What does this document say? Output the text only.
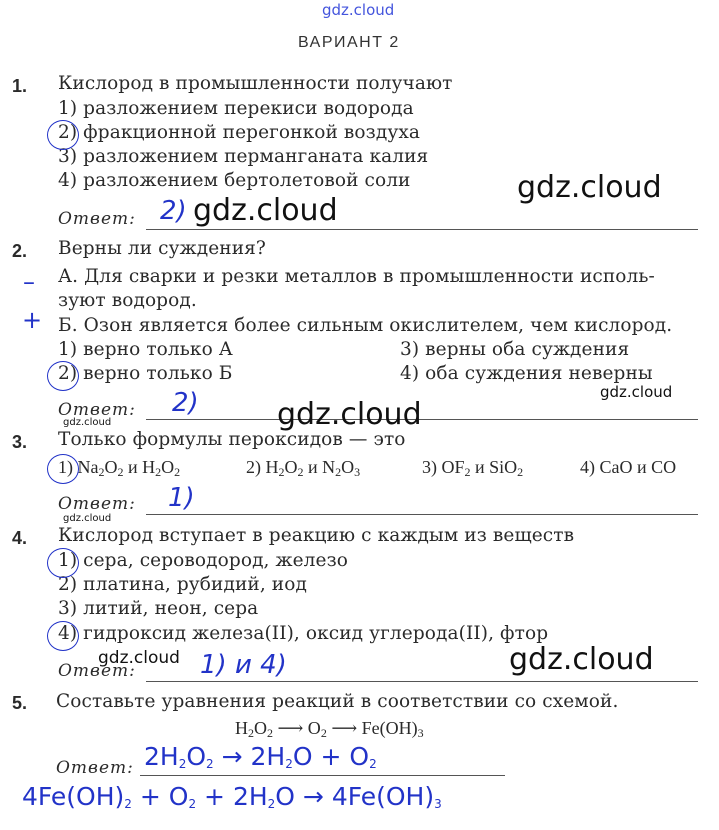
gdz.cloud
ВАРИАНТ 2
1. Кислород в промышленности получают
1) разложением перекиси водорода
2) фракционной перегонкой воздуха
3) разложением перманганата калия
4) разложением бертолетовой соли
Ответ: 2) gdz.cloud
gdz.cloud
2. Верны ли суждения?
– А. Для сварки и резки металлов в промышленности исполь-
зуют водород.
+ Б. Озон является более сильным окислителем, чем кислород.
1) верно только А	3) верны оба суждения
2) верно только Б	4) оба суждения неверны
gdz.cloud
Ответ: 2)	gdz.cloud
gdz.cloud
3. Только формулы пероксидов — это
1) $Na_2O_2$ и $H_2O_2$	2) $H_2O_2$ и $N_2O_3$	3) $OF_2$ и SiO$_2$	4) CaO и CO
Ответ: 1)
gdz.cloud
4. Кислород вступает в реакцию с каждым из веществ
1) сера, сероводород, железо
2) платина, рубидий, иод
3) литий, неон, сера
4) гидроксид железа(II), оксид углерода(II), фтор
Ответ: 1) и 4)
gdz.cloud	gdz.cloud
5. Составьте уравнения реакций в соответствии со схемой.
$H_2O_2$ ⟶ $O_2$ ⟶ $Fe(OH)_3$
Ответ: $2H_2O_2 \to 2H_2O + O_2$
$4Fe(OH)_2 + O_2 + 2H_2O \to 4Fe(OH)_3$
